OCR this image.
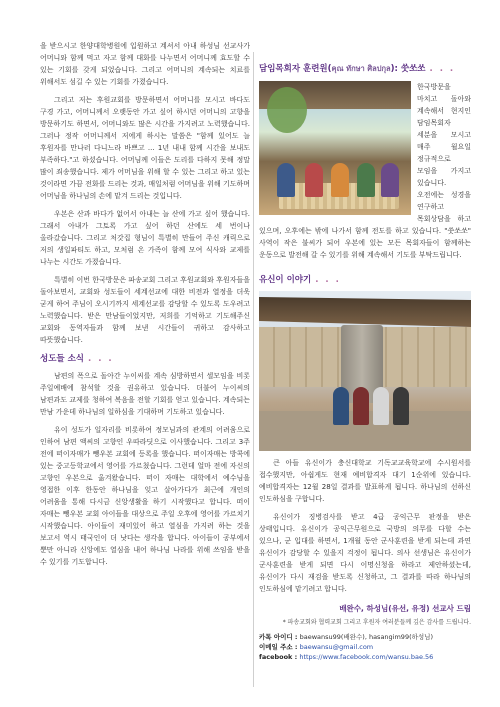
을 받으시고 한양대학병원에 입원하고 계셔서 아내 하성님 선교사가 어머니와 함께 먹고 자고 함께 대화를 나누면서 어머니께 효도할 수 있는 기회를 갖게 되었습니다. 그리고 어머니의 계속되는 치료를 위해서도 섬길 수 있는 기회를 가졌습니다.

그리고 저는 후원교회를 방문하면서 어머니를 모시고 바다도 구경 가고, 어머니께서 오랫동안 가고 싶어 하시던 어머니의 고향을 방문하기도 하면서, 어머니와도 많은 시간을 가지려고 노력했습니다. 그러나 정작 어머니께서 저에게 하시는 말씀은 "함께 있어도 늘 후원자를 만나러 다니느라 바쁘고 ... 1년 내내 함께 시간을 보내도 부족하다."고 하셨습니다. 어머님께 이들은 도리를 다하지 못해 정말 많이 죄송했습니다. 제가 어머님을 위해 할 수 있는 그리고 하고 있는 것이라면 가끔 전화를 드리는 것과, 매일처럼 어머님을 위해 기도하며 어머님을 하나님의 손에 맡겨 드리는 것입니다.

우본은 산과 바다가 없어서 아내는 늘 산에 가고 싶어 했습니다. 그래서 아내가 그토록 가고 싶어 하던 산에도 세 번이나 올라갔습니다. 그리고 처갓집 형님이 특별히 만들어 주신 캐릭으로 저의 생일파티도 하고, 모처럼 온 가족이 함께 모여 식사와 교제를 나누는 시간도 가졌습니다.

특별히 이번 한국방문은 파송교회 그리고 후원교회와 후원자들을 돌아보면서, 교회와 성도들이 세계선교에 대한 비전과 열정을 더욱 굳게 하여 주님이 오시기까지 세계선교를 감당할 수 있도록 도우려고 노력했습니다. 받은 만남들이었지만, 저희를 기억하고 기도해주신 교회와 동역자들과 함께 보낸 시간들이 귀하고 감사하고 따뜻했습니다.

성도들 소식 . . .

남편의 폭으로 돌아간 누이씨를 계속 심방하면서 셀모임을 비롯 주일예배에 참석할 것을 권유하고 있습니다. 더불어 누이씨의 남편과도 교제를 청하여 복음을 전할 기회를 얻고 있습니다. 계속되는 만남 가운데 하나님의 일하심을 기대하며 기도하고 있습니다.

유이 성도가 일자리를 비롯하여 정모님과의 관계의 어려움으로 인하여 남편 액씨의 고향인 우따라딧으로 이사했습니다. 그리고 3주 전에 떠이자매가 뺑우본 교회에 등록을 했습니다. 떠이자매는 방콕에 있는 중고등학교에서 영어를 가르쳤습니다. 그런데 얼마 전에 자신의 고향인 우본으로 옮겨왔습니다. 떠이 자매는 대학에서 예수님을 영접한 이후 한동안 하나님을 잊고 살아가다가 최근에 개인의 어려움을 통해 다시금 신앙생활을 하기 시작했다고 합니다. 떠이 자매는 뺑우본 교회 아이들을 대상으로 주일 오후에 영어를 가르치기 시작했습니다. 아이들이 재미있어 하고 열심을 가지려 하는 것을 보고서 역시 태국인이 더 낫다는 생각을 합니다. 아이들이 공부에서 뿐만 아니라 신앙에도 열심을 내어 하나님 나라를 위해 쓰임을 받을 수 있기를 기도합니다.

담임목회자 훈련원(คุณ ทักษา ศิลปกุล): 쑷쏘쏘 . . .

한국방문을 마치고 돌아와 계속해서 현지인 담임목회자 세분을 모시고 매주 월요일 정규적으로 모임을 가지고 있습니다. 오전에는 성경을 연구하고 목회상담을 하고 있으며, 오후에는 밖에 나가서 함께 전도를 하고 있습니다. "쑷쏘쏘" 사역이 작은 불씨가 되어 우본에 있는 모든 목회자들이 함께하는 운동으로 발전해 갈 수 있기를 위해 계속해서 기도를 부탁드립니다.

유신이 이야기 . . .

큰 아들 유신이가 충신대학교 기독교교육학교에 수시원서를 접수했지만, 아쉽게도 현재 예비합격자 대기 1순위에 있습니다. 예비합격자는 12월 28일 결과를 발표하게 됩니다. 하나님의 선하신 인도하심을 구합니다.

유신이가 징병검사를 받고 4급 공익근무 판정을 받은 상태입니다. 유신이가 공익근무원으로 국방의 의무를 다할 수는 있으나, 군 입대를 하면서, 1개월 동안 군사훈련을 받게 되는데 과연 유신이가 감당할 수 있을지 걱정이 됩니다. 의사 선생님은 유신이가 군사훈련을 받게 되면 다시 이명신청을 하라고 제안하셨는데, 유신이가 다시 재검을 받도록 신청하고, 그 결과를 따라 하나님의 인도하심에 맡기려고 합니다.

배완수, 하성님(유선, 유정) 선교사 드림
* 파송교회와 협력교회 그리고 후원자 여러분들께 깊은 감사를 드립니다.
카톡 아이디 : baewansu99(배완수), hasangim99(하성님)
이메일 주소 : baewansu@gmail.com
facebook : https://www.facebook.com/wansu.bae.56
